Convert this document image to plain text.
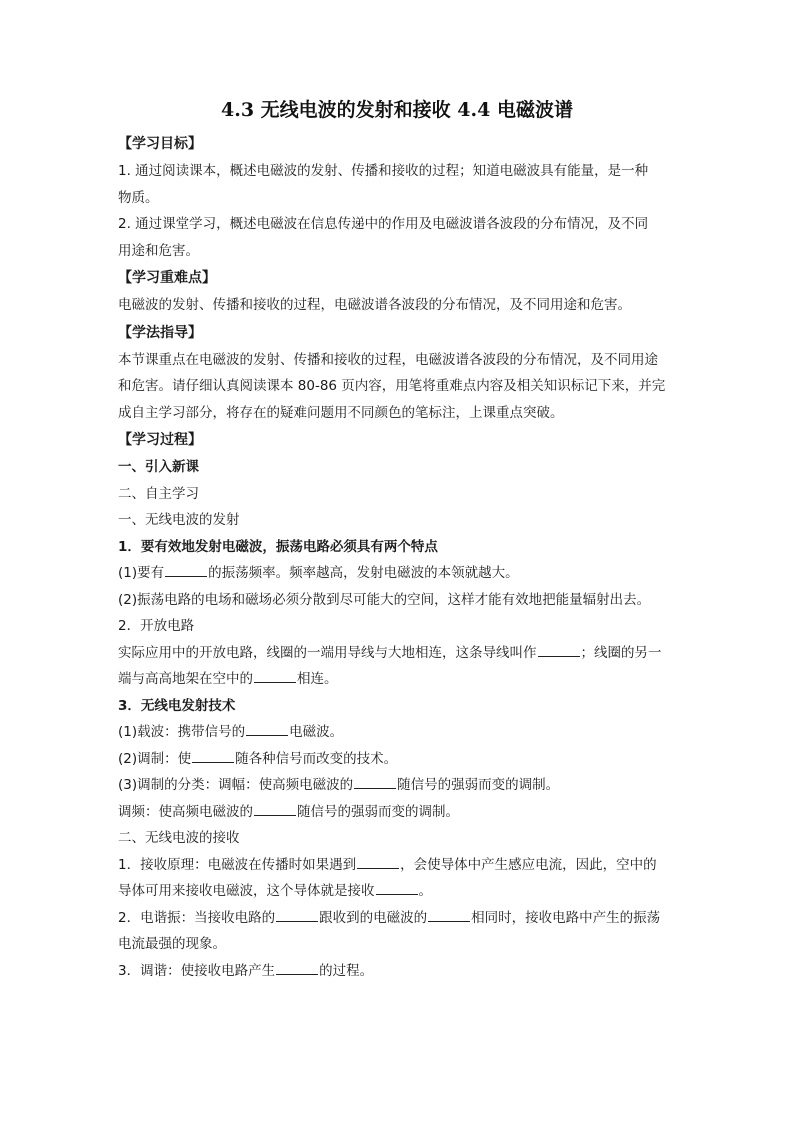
4.3 无线电波的发射和接收 4.4 电磁波谱
【学习目标】
1. 通过阅读课本，概述电磁波的发射、传播和接收的过程；知道电磁波具有能量，是一种
物质。
2. 通过课堂学习，概述电磁波在信息传递中的作用及电磁波谱各波段的分布情况，及不同
用途和危害。
【学习重难点】
电磁波的发射、传播和接收的过程，电磁波谱各波段的分布情况，及不同用途和危害。
【学法指导】
本节课重点在电磁波的发射、传播和接收的过程，电磁波谱各波段的分布情况，及不同用途
和危害。请仔细认真阅读课本 80-86 页内容，用笔将重难点内容及相关知识标记下来，并完
成自主学习部分，将存在的疑难问题用不同颜色的笔标注，上课重点突破。
【学习过程】
一、引入新课
二、自主学习
一、无线电波的发射
1．要有效地发射电磁波，振荡电路必须具有两个特点
(1)要有	的振荡频率。频率越高，发射电磁波的本领就越大。
(2)振荡电路的电场和磁场必须分散到尽可能大的空间，这样才能有效地把能量辐射出去。
2．开放电路
实际应用中的开放电路，线圈的一端用导线与大地相连，这条导线叫作	；线圈的另一
端与高高地架在空中的	相连。
3．无线电发射技术
(1)载波：携带信号的	电磁波。
(2)调制：使	随各种信号而改变的技术。
(3)调制的分类：调幅：使高频电磁波的	随信号的强弱而变的调制。
调频：使高频电磁波的	随信号的强弱而变的调制。
二、无线电波的接收
1．接收原理：电磁波在传播时如果遇到	，会使导体中产生感应电流，因此，空中的
导体可用来接收电磁波，这个导体就是接收	。
2．电谐振：当接收电路的	跟收到的电磁波的	相同时，接收电路中产生的振荡
电流最强的现象。
3．调谐：使接收电路产生	的过程。
